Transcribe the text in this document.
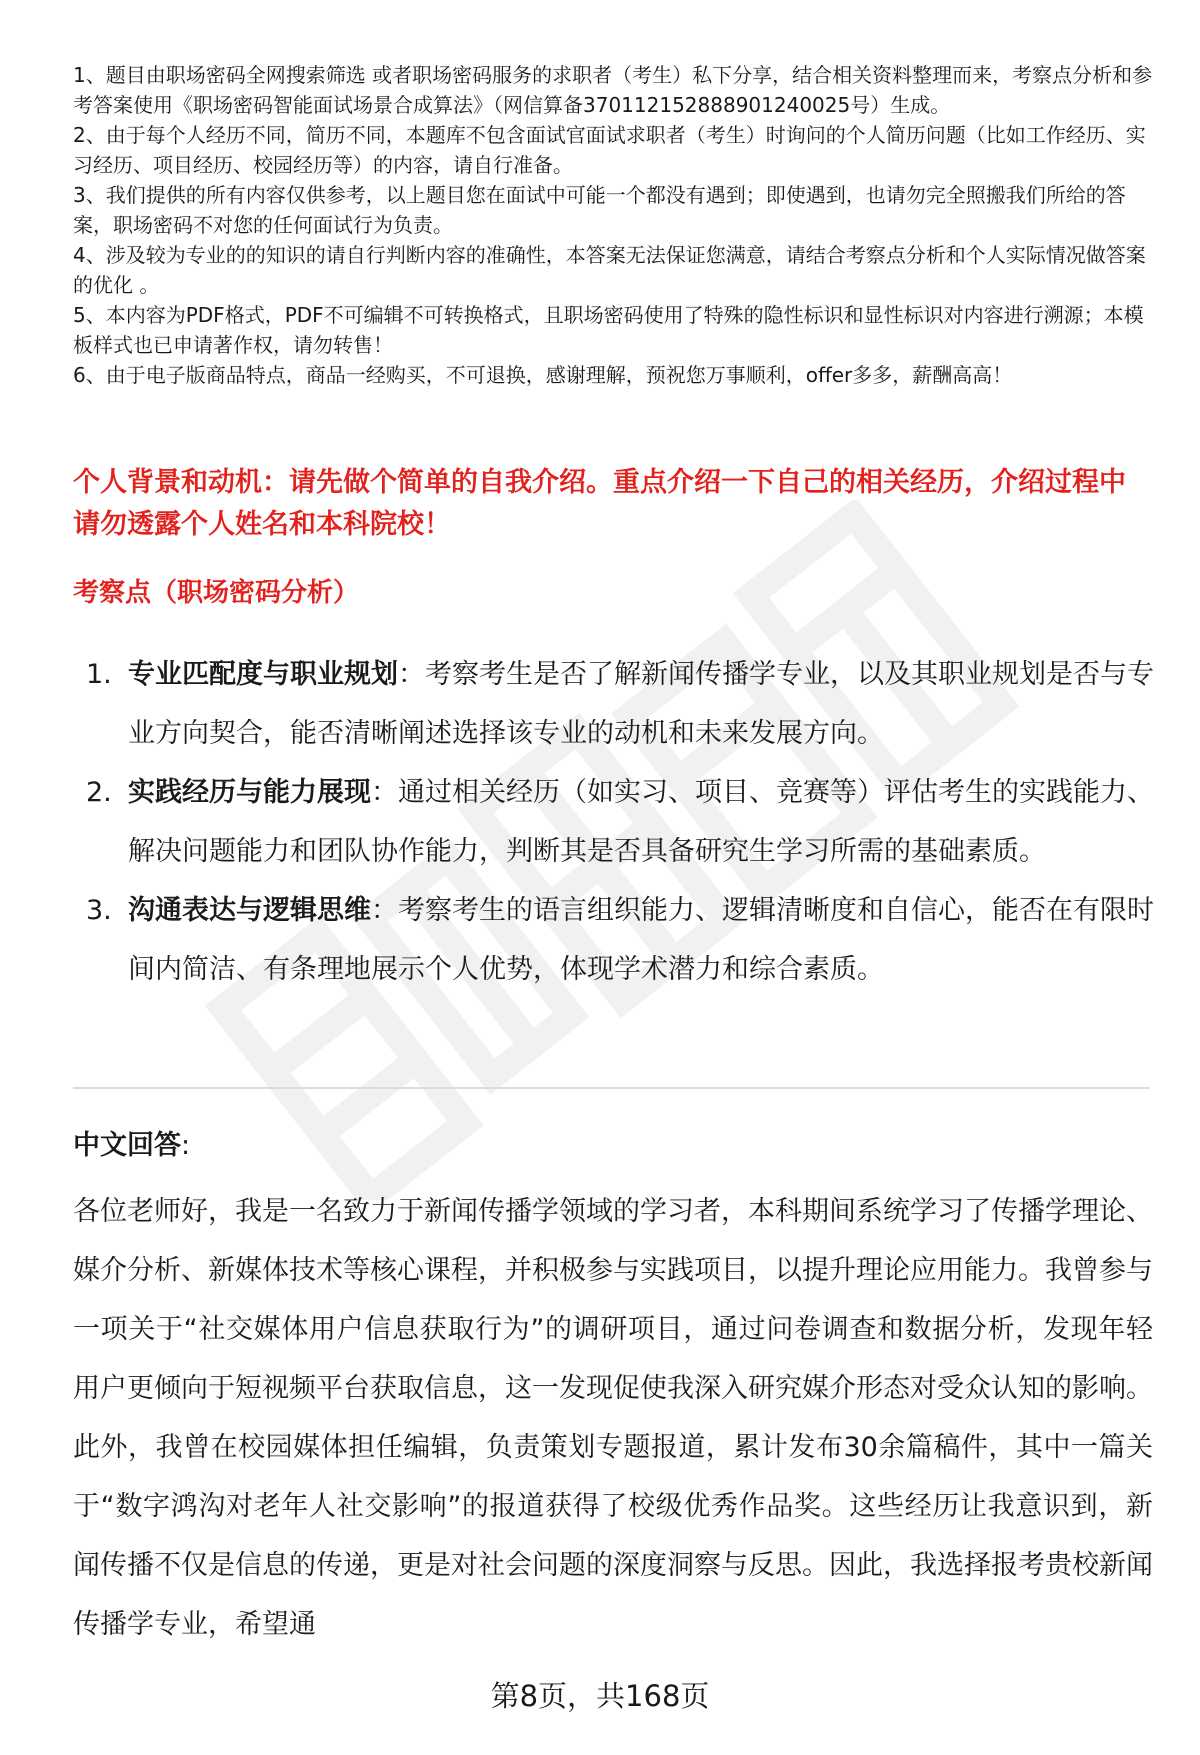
1、题目由职场密码全网搜索筛选 或者职场密码服务的求职者（考生）私下分享，结合相关资料整理而来，考察点分析和参考答案使用《职场密码智能面试场景合成算法》（网信算备370112152888901240025号）生成。
2、由于每个人经历不同，简历不同，本题库不包含面试官面试求职者（考生）时询问的个人简历问题（比如工作经历、实习经历、项目经历、校园经历等）的内容，请自行准备。
3、我们提供的所有内容仅供参考，以上题目您在面试中可能一个都没有遇到；即使遇到，也请勿完全照搬我们所给的答案，职场密码不对您的任何面试行为负责。
4、涉及较为专业的的知识的请自行判断内容的准确性，本答案无法保证您满意，请结合考察点分析和个人实际情况做答案的优化 。
5、本内容为PDF格式，PDF不可编辑不可转换格式，且职场密码使用了特殊的隐性标识和显性标识对内容进行溯源；本模板样式也已申请著作权，请勿转售！
6、由于电子版商品特点，商品一经购买，不可退换，感谢理解，预祝您万事顺利，offer多多，薪酬高高！
个人背景和动机：请先做个简单的自我介绍。重点介绍一下自己的相关经历，介绍过程中请勿透露个人姓名和本科院校！
考察点（职场密码分析）
1. 专业匹配度与职业规划：考察考生是否了解新闻传播学专业，以及其职业规划是否与专业方向契合，能否清晰阐述选择该专业的动机和未来发展方向。
2. 实践经历与能力展现：通过相关经历（如实习、项目、竞赛等）评估考生的实践能力、解决问题能力和团队协作能力，判断其是否具备研究生学习所需的基础素质。
3. 沟通表达与逻辑思维：考察考生的语言组织能力、逻辑清晰度和自信心，能否在有限时间内简洁、有条理地展示个人优势，体现学术潜力和综合素质。
中文回答:
各位老师好，我是一名致力于新闻传播学领域的学习者，本科期间系统学习了传播学理论、媒介分析、新媒体技术等核心课程，并积极参与实践项目，以提升理论应用能力。我曾参与一项关于“社交媒体用户信息获取行为”的调研项目，通过问卷调查和数据分析，发现年轻用户更倾向于短视频平台获取信息，这一发现促使我深入研究媒介形态对受众认知的影响。此外，我曾在校园媒体担任编辑，负责策划专题报道，累计发布30余篇稿件，其中一篇关于“数字鸿沟对老年人社交影响”的报道获得了校级优秀作品奖。这些经历让我意识到，新闻传播不仅是信息的传递，更是对社会问题的深度洞察与反思。因此，我选择报考贵校新闻传播学专业，希望通
第8页，共168页
